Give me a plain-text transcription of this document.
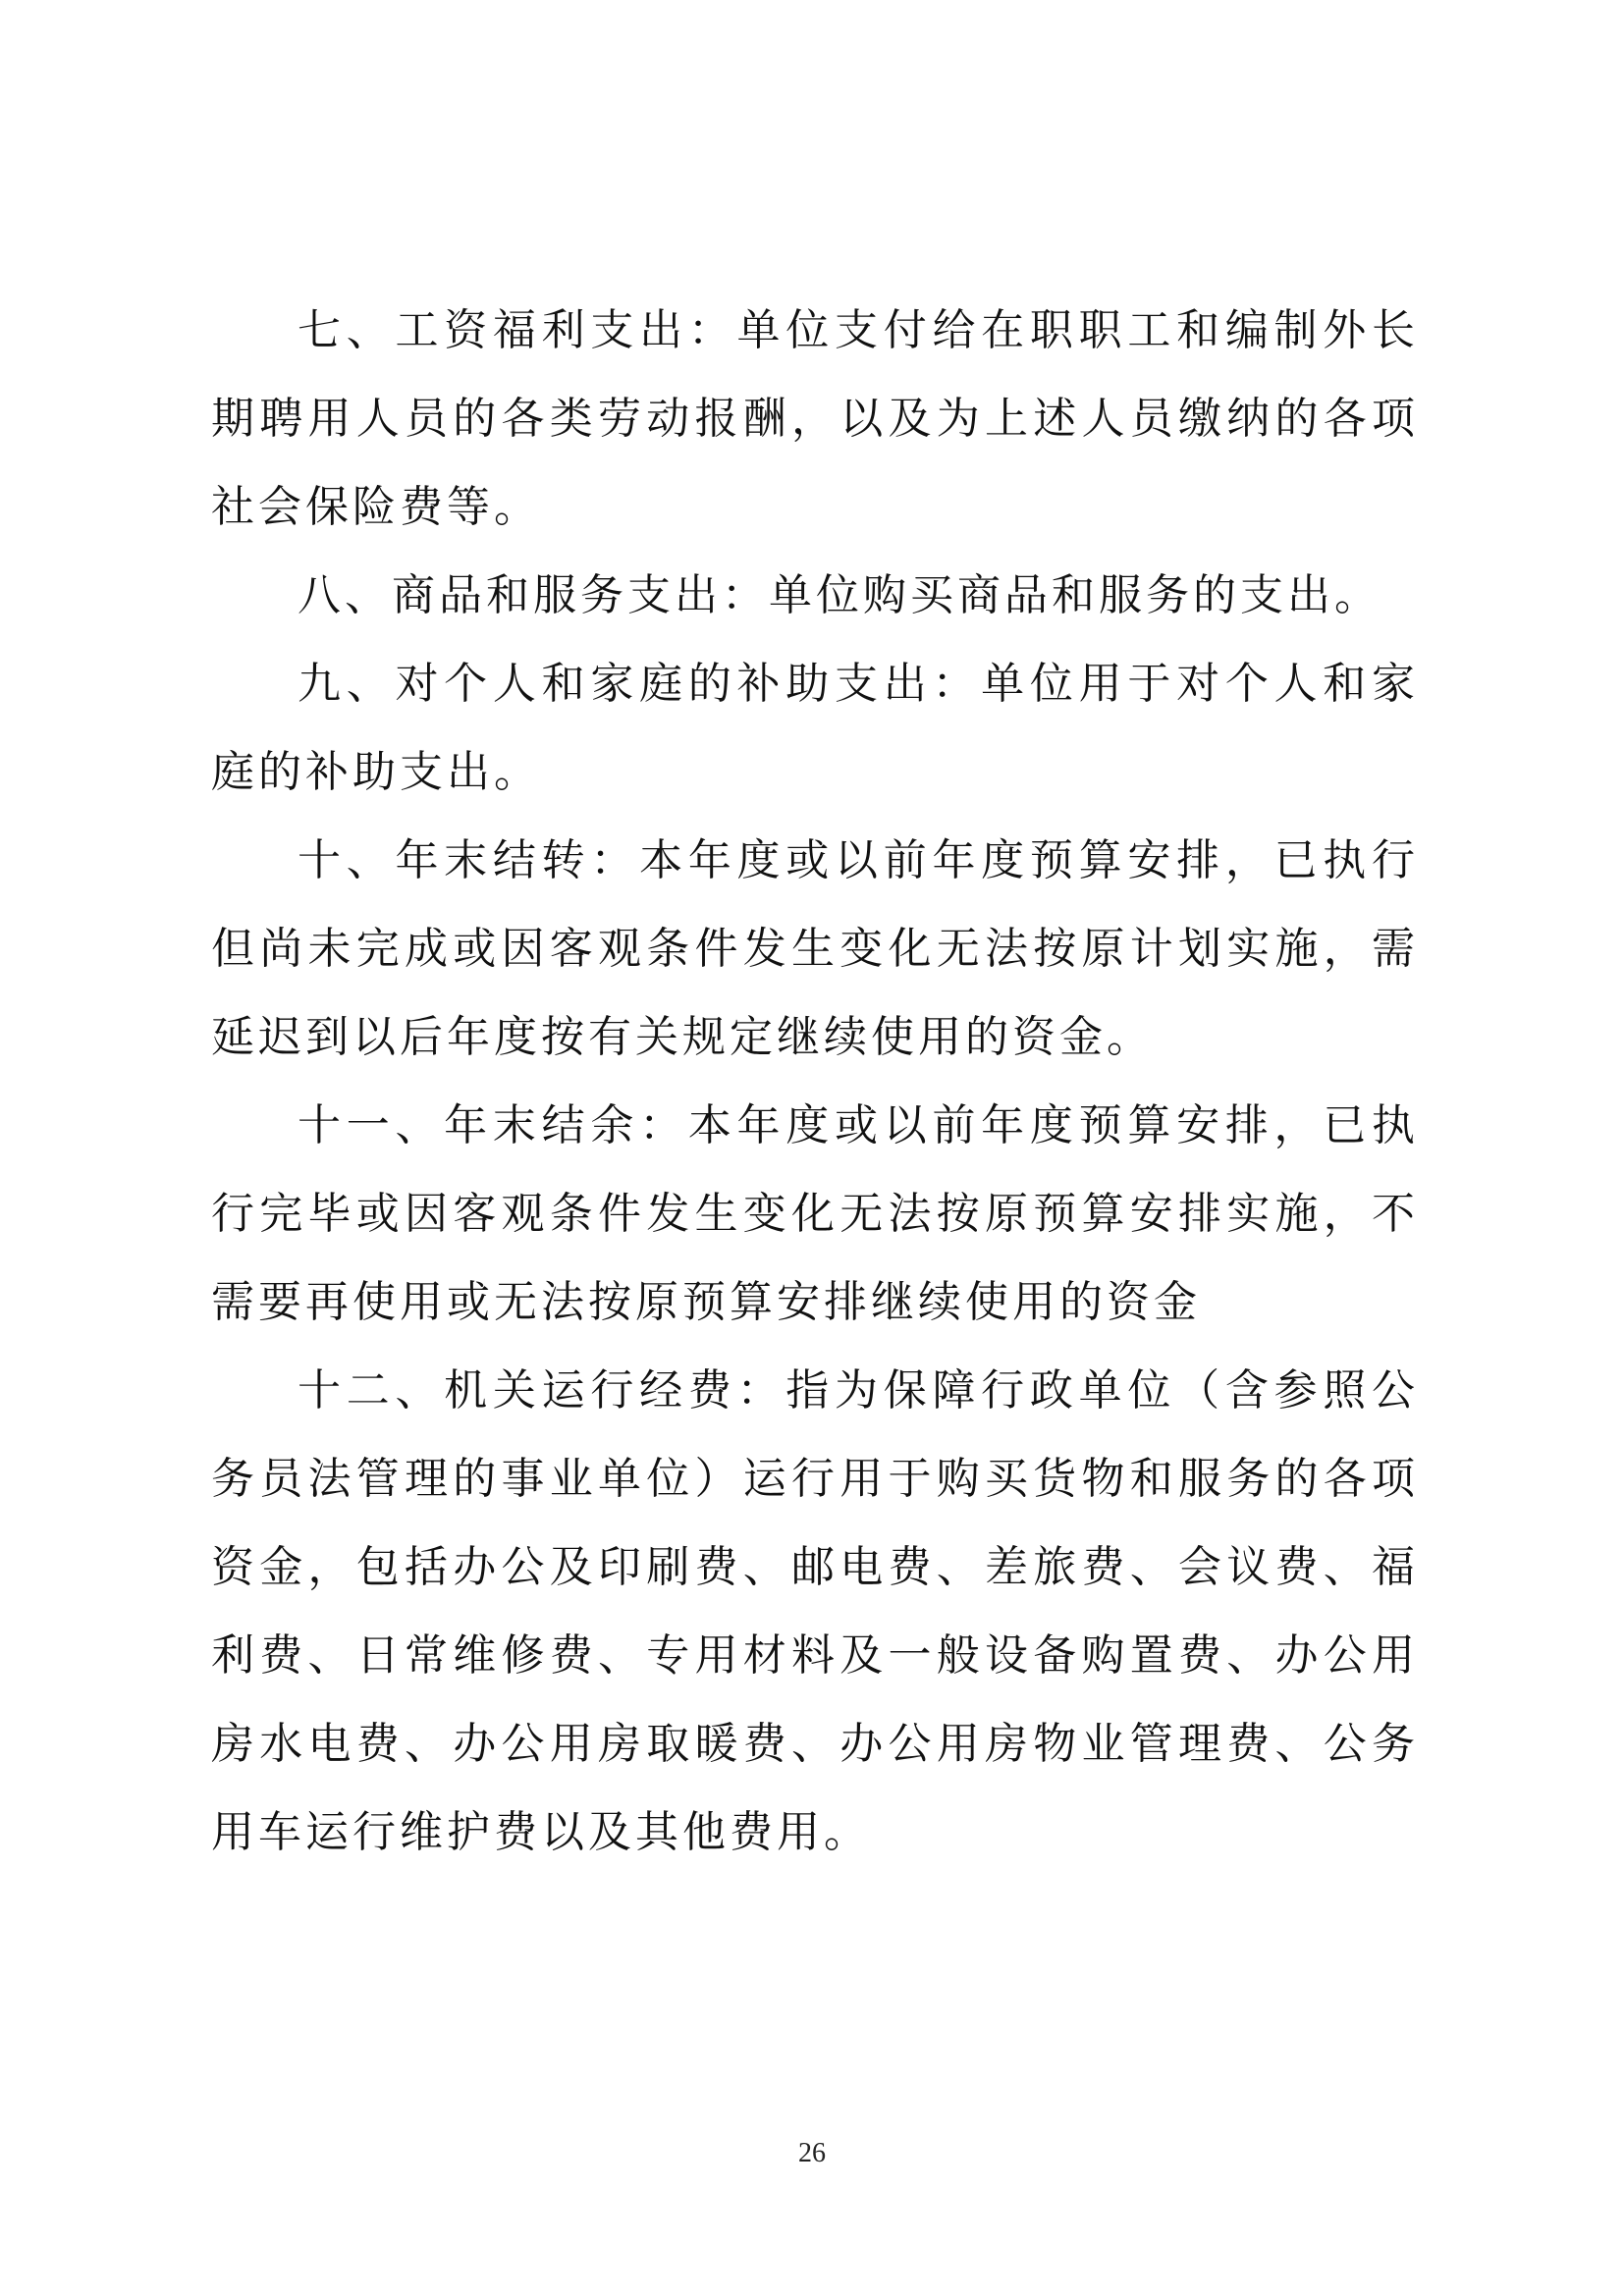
七、工资福利支出：单位支付给在职职工和编制外长期聘用人员的各类劳动报酬，以及为上述人员缴纳的各项社会保险费等。

八、商品和服务支出：单位购买商品和服务的支出。

九、对个人和家庭的补助支出：单位用于对个人和家庭的补助支出。

十、年末结转：本年度或以前年度预算安排，已执行但尚未完成或因客观条件发生变化无法按原计划实施，需延迟到以后年度按有关规定继续使用的资金。

十一、年末结余：本年度或以前年度预算安排，已执行完毕或因客观条件发生变化无法按原预算安排实施，不需要再使用或无法按原预算安排继续使用的资金

十二、机关运行经费：指为保障行政单位（含参照公务员法管理的事业单位）运行用于购买货物和服务的各项资金，包括办公及印刷费、邮电费、差旅费、会议费、福利费、日常维修费、专用材料及一般设备购置费、办公用房水电费、办公用房取暖费、办公用房物业管理费、公务用车运行维护费以及其他费用。

26
